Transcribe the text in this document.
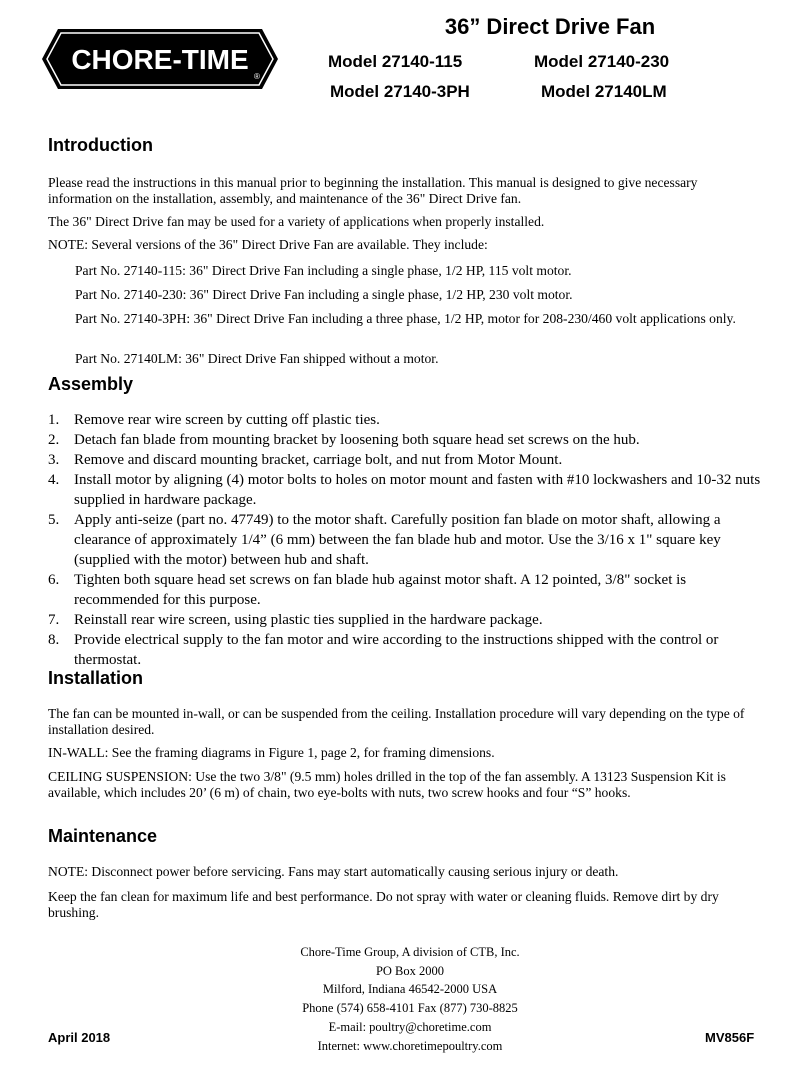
CHORE-TIME
®
36” Direct Drive Fan
Model 27140-115	Model 27140-230
Model 27140-3PH	Model 27140LM
Introduction

Please read the instructions in this manual prior to beginning the installation. This manual is designed to give necessary information on the installation, assembly, and maintenance of the 36" Direct Drive fan.

The 36" Direct Drive fan may be used for a variety of applications when properly installed.

NOTE: Several versions of the 36" Direct Drive Fan are available. They include:

Part No. 27140-115: 36" Direct Drive Fan including a single phase, 1/2 HP, 115 volt motor.

Part No. 27140-230: 36" Direct Drive Fan including a single phase, 1/2 HP, 230 volt motor.

Part No. 27140-3PH: 36" Direct Drive Fan including a three phase, 1/2 HP, motor for 208-230/460 volt applications only.

Part No. 27140LM: 36" Direct Drive Fan shipped without a motor.

Assembly
1. Remove rear wire screen by cutting off plastic ties.
2. Detach fan blade from mounting bracket by loosening both square head set screws on the hub.
3. Remove and discard mounting bracket, carriage bolt, and nut from Motor Mount.
4. Install motor by aligning (4) motor bolts to holes on motor mount and fasten with #10 lockwashers and 10-32 nuts supplied in hardware package.
5. Apply anti-seize (part no. 47749) to the motor shaft. Carefully position fan blade on motor shaft, allowing a clearance of approximately 1/4” (6 mm) between the fan blade hub and motor. Use the 3/16 x 1" square key (supplied with the motor) between hub and shaft.
6. Tighten both square head set screws on fan blade hub against motor shaft. A 12 pointed, 3/8" socket is recommended for this purpose.
7. Reinstall rear wire screen, using plastic ties supplied in the hardware package.
8. Provide electrical supply to the fan motor and wire according to the instructions shipped with the control or thermostat.
Installation

The fan can be mounted in-wall, or can be suspended from the ceiling. Installation procedure will vary depending on the type of installation desired.

IN-WALL: See the framing diagrams in Figure 1, page 2, for framing dimensions.

CEILING SUSPENSION: Use the two 3/8" (9.5 mm) holes drilled in the top of the fan assembly. A 13123 Suspension Kit is available, which includes 20’ (6 m) of chain, two eye-bolts with nuts, two screw hooks and four “S” hooks.

Maintenance

NOTE: Disconnect power before servicing. Fans may start automatically causing serious injury or death.

Keep the fan clean for maximum life and best performance. Do not spray with water or cleaning fluids. Remove dirt by dry brushing.

Chore-Time Group, A division of CTB, Inc.
PO Box 2000
Milford, Indiana 46542-2000 USA
Phone (574) 658-4101 Fax (877) 730-8825
E-mail: poultry@choretime.com
Internet: www.choretimepoultry.com
April 2018	MV856F
